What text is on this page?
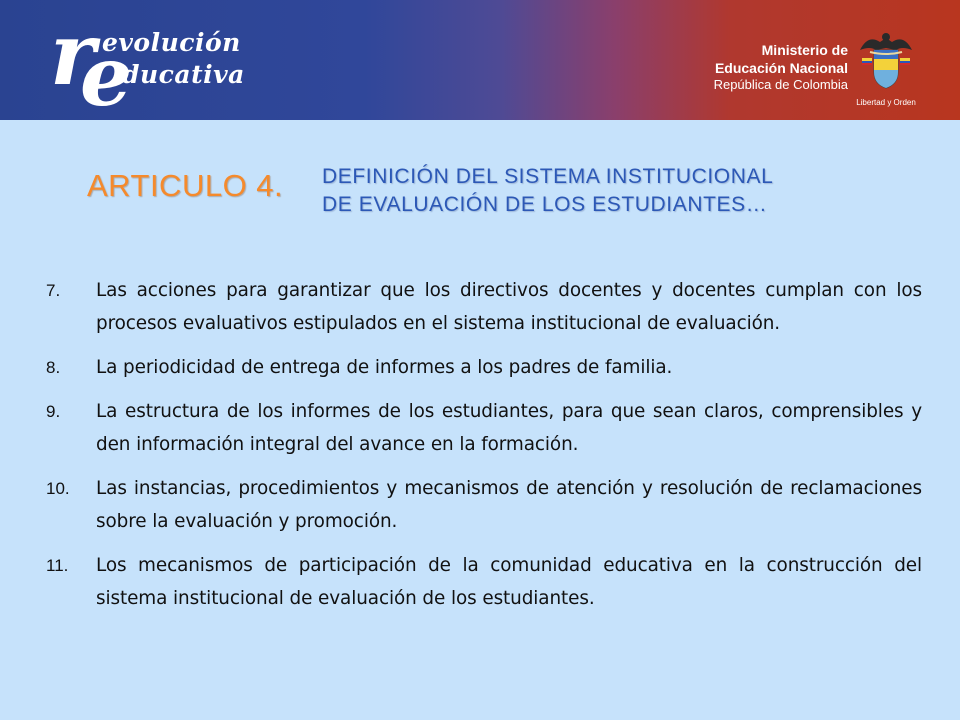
r
e
evolución
ducativa
Ministerio de
Educación Nacional
República de Colombia
Libertad y Orden
ARTICULO 4. DEFINICIÓN DEL SISTEMA INSTITUCIONAL
DE EVALUACIÓN DE LOS ESTUDIANTES…
7.	Las acciones para garantizar que los directivos docentes y docentes cumplan con los procesos evaluativos estipulados en el sistema institucional de evaluación.
8.	La periodicidad de entrega de informes a los padres de familia.
9.	La estructura de los informes de los estudiantes, para que sean claros, comprensibles y den información integral del avance en la formación.
10.	Las instancias, procedimientos y mecanismos de atención y resolución de reclamaciones sobre la evaluación y promoción.
11.	Los mecanismos de participación de la comunidad educativa en la construcción del sistema institucional de evaluación de los estudiantes.
